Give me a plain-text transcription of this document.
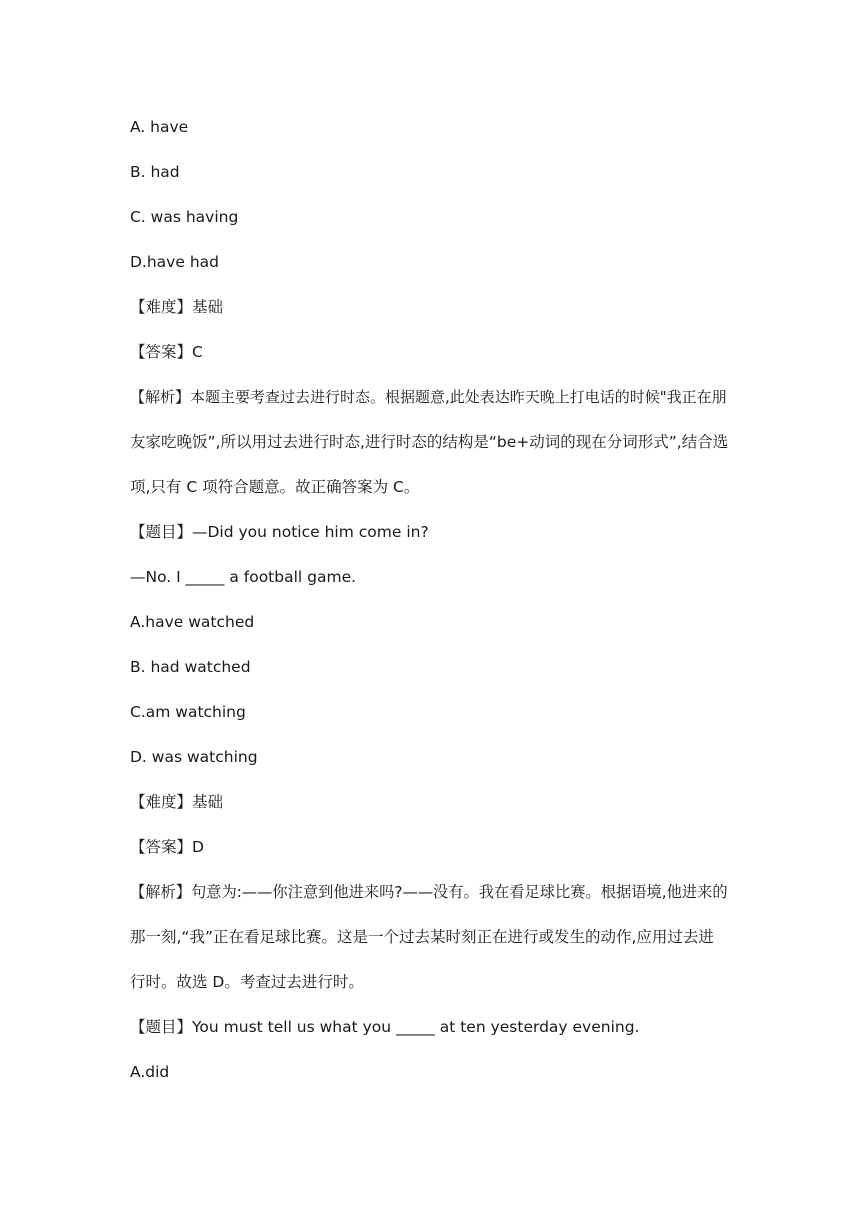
A. have
B. had
C. was having
D.have had
【难度】基础
【答案】C
【解析】本题主要考查过去进行时态。根据题意,此处表达昨天晚上打电话的时候"我正在朋
友家吃晚饭”,所以用过去进行时态,进行时态的结构是“be+动词的现在分词形式”,结合选
项,只有 C 项符合题意。故正确答案为 C。
【题目】—Did you notice him come in?
—No. I _____ a football game.
A.have watched
B. had watched
C.am watching
D. was watching
【难度】基础
【答案】D
【解析】句意为:——你注意到他进来吗?——没有。我在看足球比赛。根据语境,他进来的
那一刻,“我”正在看足球比赛。这是一个过去某时刻正在进行或发生的动作,应用过去进
行时。故选 D。考查过去进行时。
【题目】You must tell us what you _____ at ten yesterday evening.
A.did
